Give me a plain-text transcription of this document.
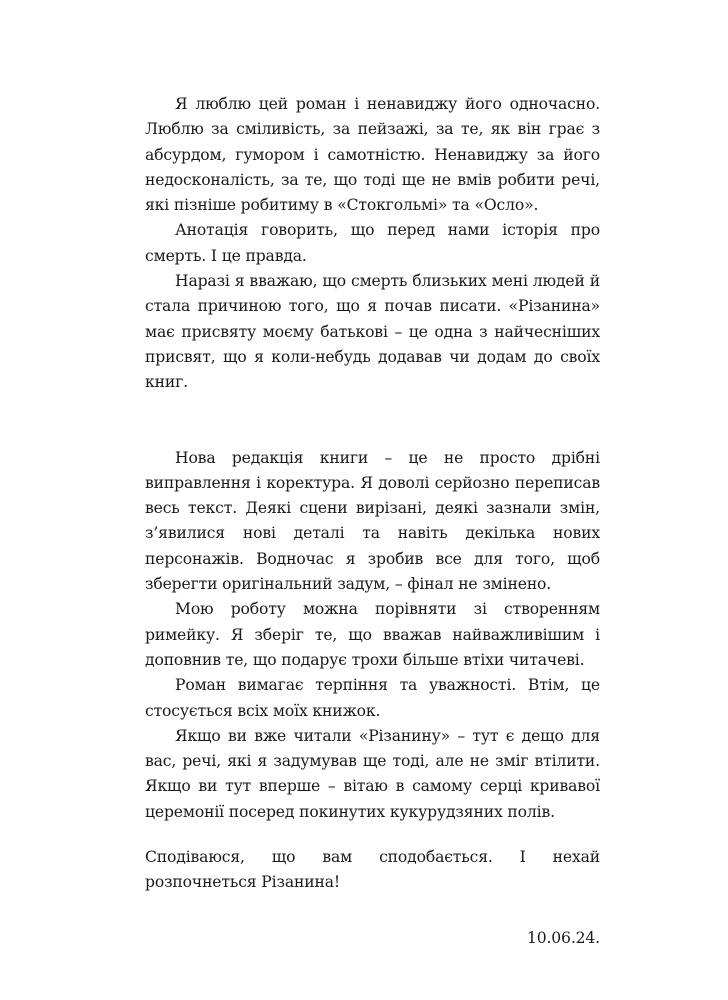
Я люблю цей роман і ненавиджу його одночасно. Люблю за сміливість, за пейзажі, за те, як він грає з абсурдом, гумором і самотністю. Ненавиджу за його недосконалість, за те, що тоді ще не вмів робити речі, які пізніше робитиму в «Стокгольмі» та «Осло».

Анотація говорить, що перед нами історія про смерть. І це правда.

Наразі я вважаю, що смерть близьких мені людей й стала причиною того, що я почав писати. «Різанина» має присвяту моєму батькові – це одна з найчесніших присвят, що я коли-небудь додавав чи додам до своїх книг.

Нова редакція книги – це не просто дрібні виправлення і коректура. Я доволі серйозно переписав весь текст. Деякі сцени вирізані, деякі зазнали змін, з’явилися нові деталі та навіть декілька нових персонажів. Водночас я зробив все для того, щоб зберегти оригінальний задум, – фінал не змінено.

Мою роботу можна порівняти зі створенням римейку. Я зберіг те, що вважав найважливішим і доповнив те, що подарує трохи більше втіхи читачеві.

Роман вимагає терпіння та уважності. Втім, це стосується всіх моїх книжок.

Якщо ви вже читали «Різанину» – тут є дещо для вас, речі, які я задумував ще тоді, але не зміг втілити. Якщо ви тут вперше – вітаю в самому серці кривавої церемонії посеред покинутих кукурудзяних полів.

Сподіваюся, що вам сподобається. І нехай розпочнеться Різанина!

10.06.24.
